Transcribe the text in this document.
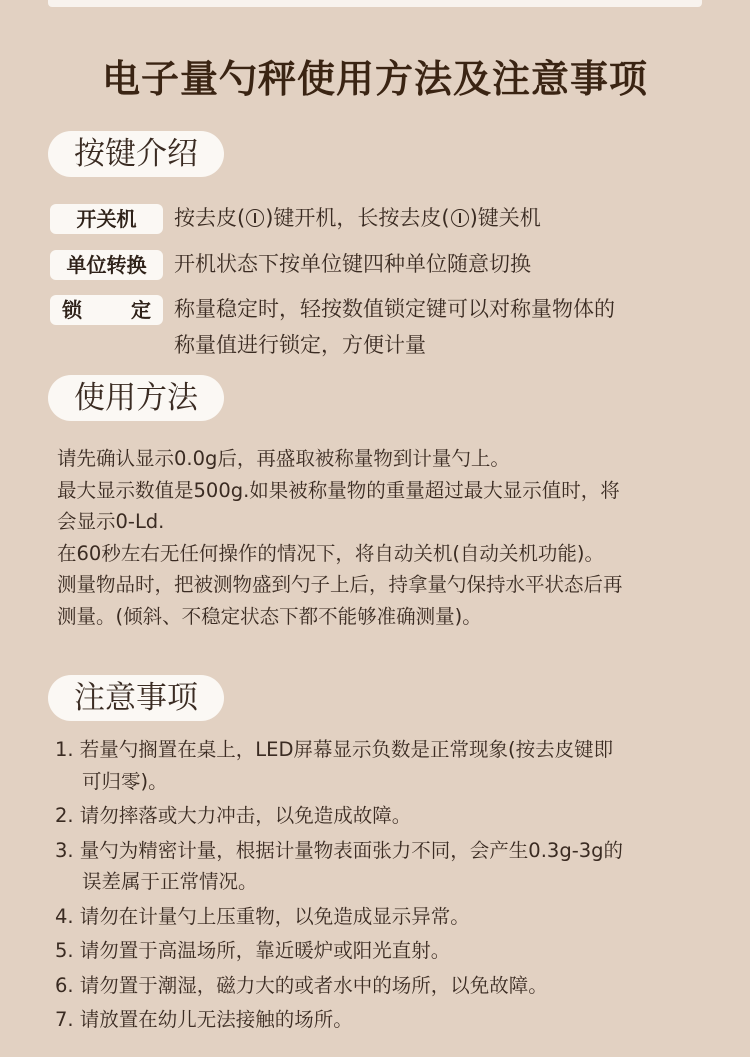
电子量勺秤使用方法及注意事项
按键介绍
开关机	按去皮( )键开机，长按去皮( )键关机
单位转换	开机状态下按单位键四种单位随意切换
锁 定 称量稳定时，轻按数值锁定键可以对称量物体的
称量值进行锁定，方便计量
使用方法

请先确认显示0.0g后，再盛取被称量物到计量勺上。

最大显示数值是500g.如果被称量物的重量超过最大显示值时，将

会显示0-Ld.

在60秒左右无任何操作的情况下，将自动关机(自动关机功能)。

测量物品时，把被测物盛到勺子上后，持拿量勺保持水平状态后再

测量。(倾斜、不稳定状态下都不能够准确测量)。

注意事项
1. 若量勺搁置在桌上，LED屏幕显示负数是正常现象(按去皮键即
可归零)。
2. 请勿摔落或大力冲击，以免造成故障。
3. 量勺为精密计量，根据计量物表面张力不同，会产生0.3g-3g的
误差属于正常情况。
4. 请勿在计量勺上压重物，以免造成显示异常。
5. 请勿置于高温场所，靠近暖炉或阳光直射。
6. 请勿置于潮湿，磁力大的或者水中的场所，以免故障。
7. 请放置在幼儿无法接触的场所。
